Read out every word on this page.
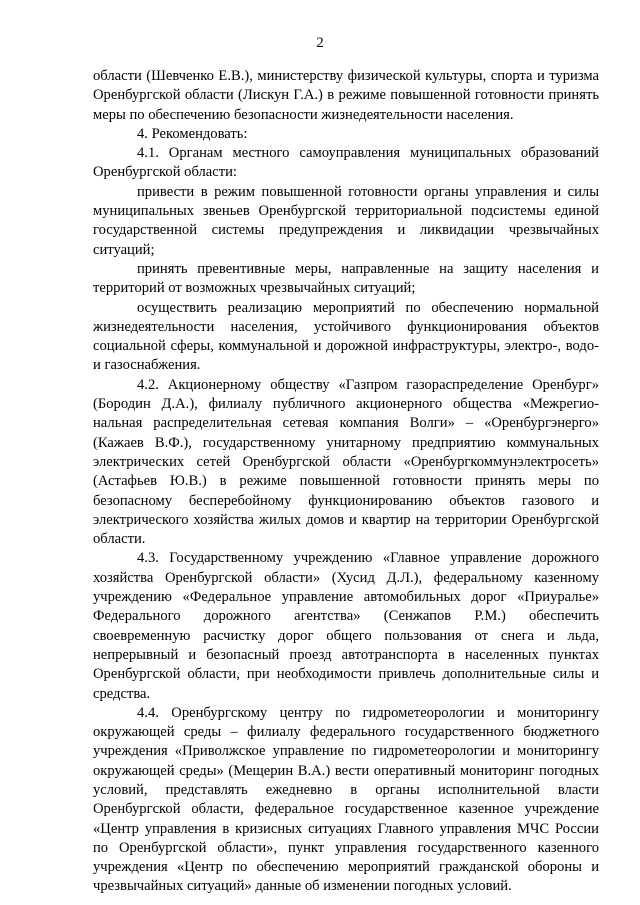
2

области (Шевченко Е.В.), министерству физической культуры, спорта и туризма Оренбургской области (Лискун Г.А.) в режиме повышенной готовности принять меры по обеспечению безопасности жизнедеятельности населения.

4. Рекомендовать:

4.1. Органам местного самоуправления муниципальных образований Оренбургской области:

привести в режим повышенной готовности органы управления и силы муниципальных звеньев Оренбургской территориальной подсистемы единой государственной системы предупреждения и ликвидации чрезвычайных ситуаций;

принять превентивные меры, направленные на защиту населения и территорий от возможных чрезвычайных ситуаций;

осуществить реализацию мероприятий по обеспечению нормальной жизнедеятельности населения, устойчивого функционирования объектов социальной сферы, коммунальной и дорожной инфраструктуры, электро-, водо- и газоснабжения.

4.2. Акционерному обществу «Газпром газораспределение Оренбург» (Бородин Д.А.), филиалу публичного акционерного общества «Межрегиональная распределительная сетевая компания Волги» – «Оренбургэнерго» (Кажаев В.Ф.), государственному унитарному предприятию коммунальных электрических сетей Оренбургской области «Оренбургкоммунэлектросеть» (Астафьев Ю.В.) в режиме повышенной готовности принять меры по безопасному бесперебойному функционированию объектов газового и электрического хозяйства жилых домов и квартир на территории Оренбургской области.

4.3. Государственному учреждению «Главное управление дорожного хозяйства Оренбургской области» (Хусид Д.Л.), федеральному казенному учреждению «Федеральное управление автомобильных дорог «Приуралье» Федерального дорожного агентства» (Сенжапов Р.М.) обеспечить своевременную расчистку дорог общего пользования от снега и льда, непрерывный и безопасный проезд автотранспорта в населенных пунктах Оренбургской области, при необходимости привлечь дополнительные силы и средства.

4.4. Оренбургскому центру по гидрометеорологии и мониторингу окружающей среды – филиалу федерального государственного бюджетного учреждения «Приволжское управление по гидрометеорологии и мониторингу окружающей среды» (Мещерин В.А.) вести оперативный мониторинг погодных условий, представлять ежедневно в органы исполнительной власти Оренбургской области, федеральное государственное казенное учреждение «Центр управления в кризисных ситуациях Главного управления МЧС России по Оренбургской области», пункт управления государственного казенного учреждения «Центр по обеспечению мероприятий гражданской обороны и чрезвычайных ситуаций» данные об изменении погодных условий.
